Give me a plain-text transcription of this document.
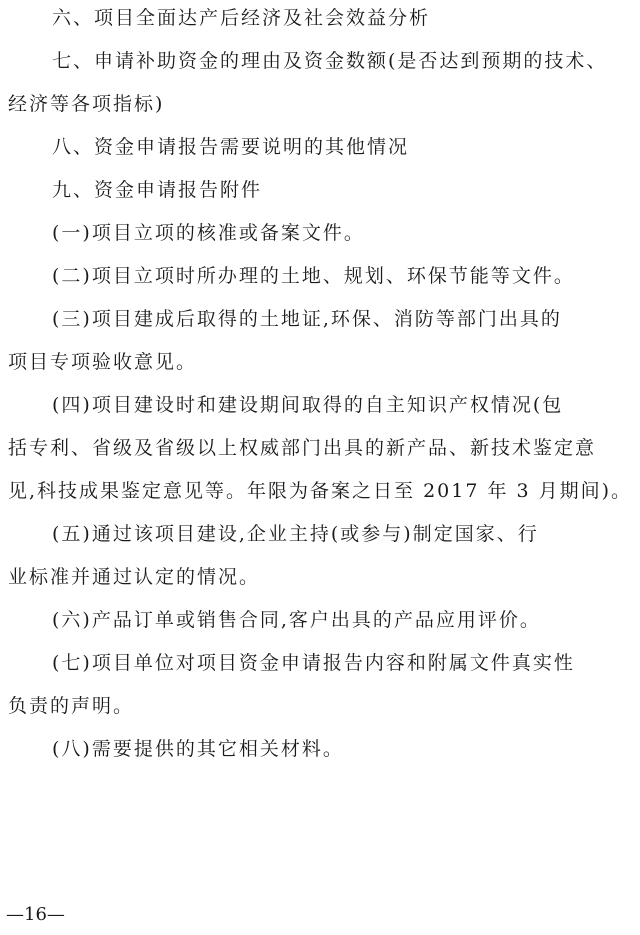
六、项目全面达产后经济及社会效益分析
七、申请补助资金的理由及资金数额(是否达到预期的技术、
经济等各项指标)
八、资金申请报告需要说明的其他情况
九、资金申请报告附件
(一)项目立项的核准或备案文件。
(二)项目立项时所办理的土地、规划、环保节能等文件。
(三)项目建成后取得的土地证,环保、消防等部门出具的
项目专项验收意见。
(四)项目建设时和建设期间取得的自主知识产权情况(包
括专利、省级及省级以上权威部门出具的新产品、新技术鉴定意
见,科技成果鉴定意见等。年限为备案之日至 2017 年 3 月期间)。
(五)通过该项目建设,企业主持(或参与)制定国家、行
业标准并通过认定的情况。
(六)产品订单或销售合同,客户出具的产品应用评价。
(七)项目单位对项目资金申请报告内容和附属文件真实性
负责的声明。
(八)需要提供的其它相关材料。
—16—
